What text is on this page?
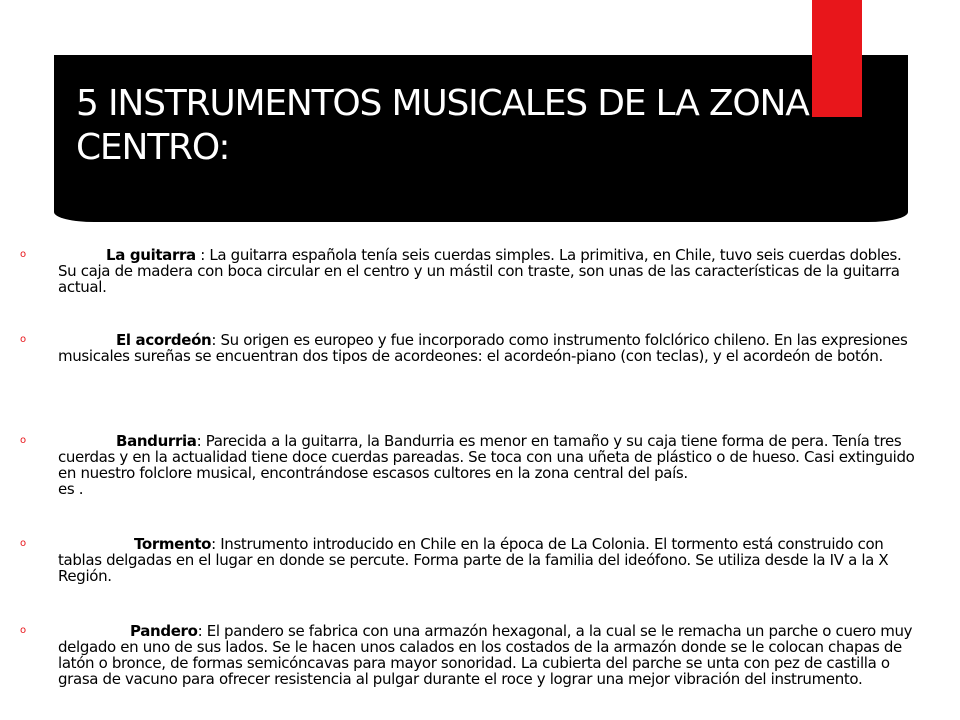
5 INSTRUMENTOS MUSICALES DE LA ZONA
CENTRO:
o	La guitarra : La guitarra española tenía seis cuerdas simples. La primitiva, en Chile, tuvo seis cuerdas dobles. Su caja de madera con boca circular en el centro y un mástil con traste, son unas de las características de la guitarra actual.
o	El acordeón: Su origen es europeo y fue incorporado como instrumento folclórico chileno. En las expresiones musicales sureñas se encuentran dos tipos de acordeones: el acordeón-piano (con teclas), y el acordeón de botón.
o	Bandurria: Parecida a la guitarra, la Bandurria es menor en tamaño y su caja tiene forma de pera. Tenía tres cuerdas y en la actualidad tiene doce cuerdas pareadas. Se toca con una uñeta de plástico o de hueso. Casi extinguido en nuestro folclore musical, encontrándose escasos cultores en la zona central del país.
es .
o	Tormento: Instrumento introducido en Chile en la época de La Colonia. El tormento está construido con tablas delgadas en el lugar en donde se percute. Forma parte de la familia del ideófono. Se utiliza desde la IV a la X Región.
o	Pandero: El pandero se fabrica con una armazón hexagonal, a la cual se le remacha un parche o cuero muy delgado en uno de sus lados. Se le hacen unos calados en los costados de la armazón donde se le colocan chapas de latón o bronce, de formas semicóncavas para mayor sonoridad. La cubierta del parche se unta con pez de castilla o grasa de vacuno para ofrecer resistencia al pulgar durante el roce y lograr una mejor vibración del instrumento.
